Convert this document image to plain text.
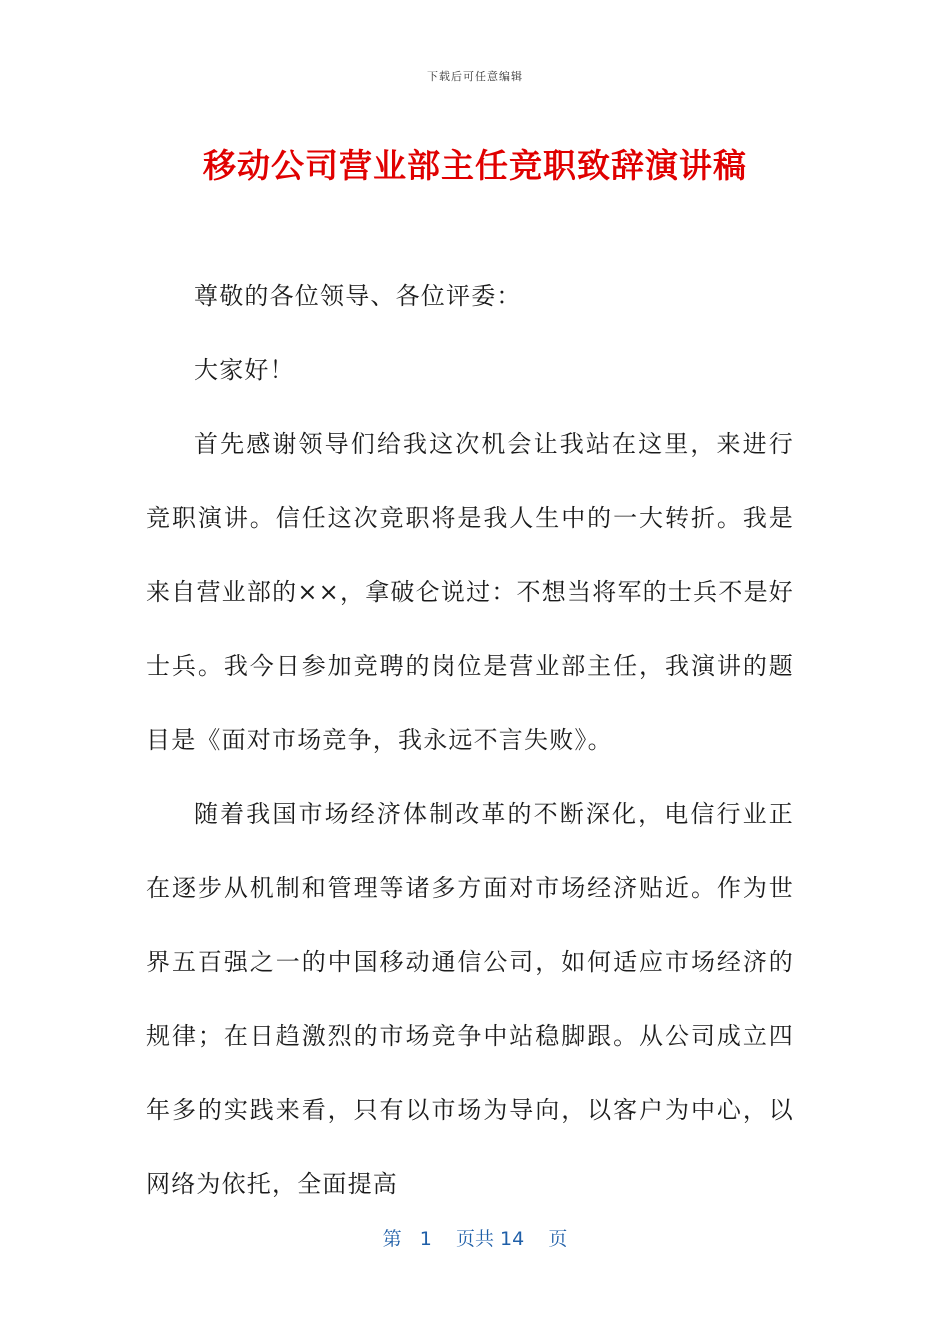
下载后可任意编辑
移动公司营业部主任竞职致辞演讲稿

尊敬的各位领导、各位评委：

大家好！

首先感谢领导们给我这次机会让我站在这里，来进行竞职演讲。信任这次竞职将是我人生中的一大转折。我是来自营业部的××，拿破仑说过：不想当将军的士兵不是好士兵。我今日参加竞聘的岗位是营业部主任，我演讲的题目是《面对市场竞争，我永远不言失败》。

随着我国市场经济体制改革的不断深化，电信行业正在逐步从机制和管理等诸多方面对市场经济贴近。作为世界五百强之一的中国移动通信公司，如何适应市场经济的规律；在日趋激烈的市场竞争中站稳脚跟。从公司成立四年多的实践来看，只有以市场为导向，以客户为中心，以网络为依托，全面提高

第 1 页共 14 页
